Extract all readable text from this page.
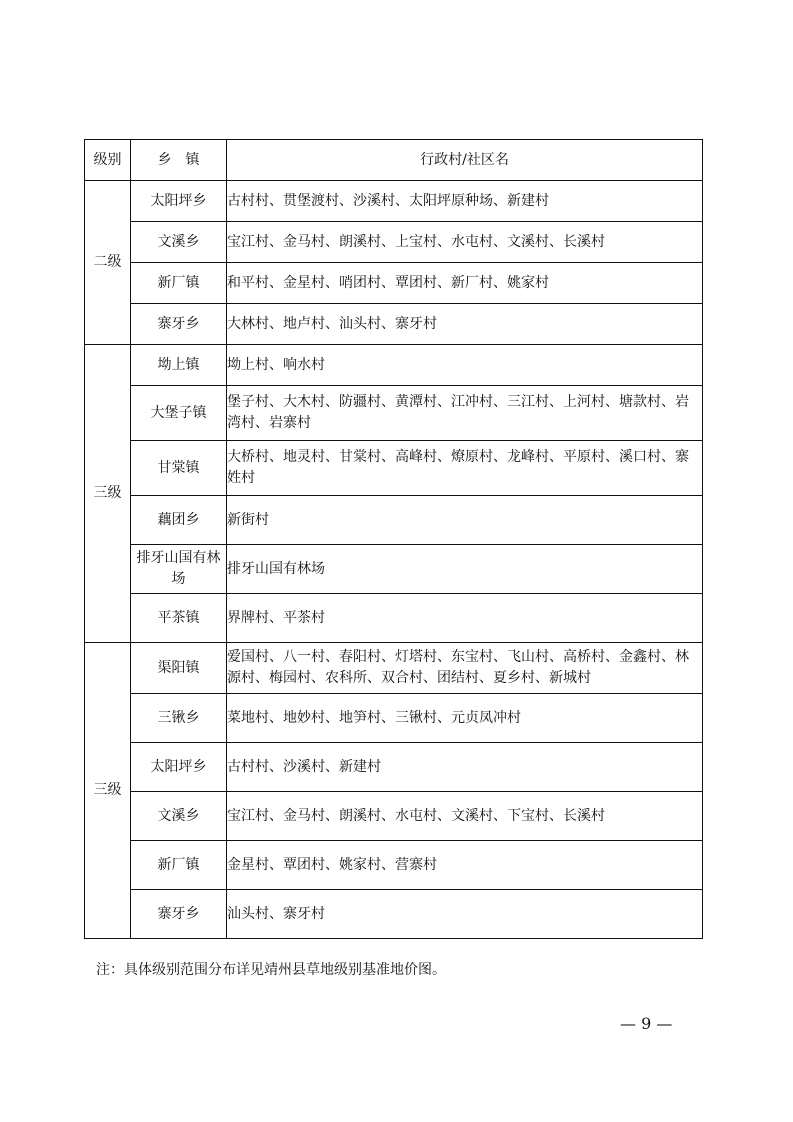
级别	乡　镇	行政村/社区名
二级	太阳坪乡	古村村、贯堡渡村、沙溪村、太阳坪原种场、新建村
	文溪乡	宝江村、金马村、朗溪村、上宝村、水屯村、文溪村、长溪村
	新厂镇	和平村、金星村、哨团村、覃团村、新厂村、姚家村
	寨牙乡	大林村、地卢村、汕头村、寨牙村
三级	坳上镇	坳上村、响水村
	大堡子镇	堡子村、大木村、防疆村、黄潭村、江冲村、三江村、上河村、塘款村、岩湾村、岩寨村
	甘棠镇	大桥村、地灵村、甘棠村、高峰村、燎原村、龙峰村、平原村、溪口村、寨姓村
	藕团乡	新街村
	排牙山国有林场	排牙山国有林场
	平茶镇	界牌村、平茶村
三级	渠阳镇	爱国村、八一村、春阳村、灯塔村、东宝村、飞山村、高桥村、金鑫村、林源村、梅园村、农科所、双合村、团结村、夏乡村、新城村
	三锹乡	菜地村、地妙村、地笋村、三锹村、元贞凤冲村
	太阳坪乡	古村村、沙溪村、新建村
	文溪乡	宝江村、金马村、朗溪村、水屯村、文溪村、下宝村、长溪村
	新厂镇	金星村、覃团村、姚家村、营寨村
	寨牙乡	汕头村、寨牙村
注：具体级别范围分布详见靖州县草地级别基准地价图。
— 9 —
